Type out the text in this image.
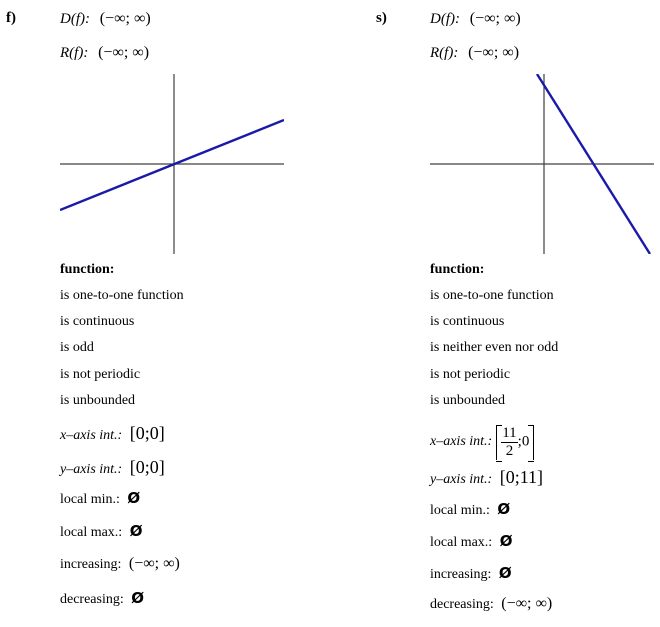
f)	D(f): (−∞; ∞)
R(f): (−∞; ∞)
function:
is one-to-one function
is continuous
is odd
is not periodic
is unbounded
x–axis int.: [0;0]
y–axis int.: [0;0]
local min.: Ø
local max.: Ø
increasing: (−∞; ∞)
decreasing: Ø
s)	D(f): (−∞; ∞)
R(f): (−∞; ∞)
function:
is one-to-one function
is continuous
is neither even nor odd
is not periodic
is unbounded
x–axis int.: $\frac{11}{2}$ ;0
y–axis int.: [0;11]
local min.: Ø
local max.: Ø
increasing: Ø
decreasing: (−∞; ∞)
